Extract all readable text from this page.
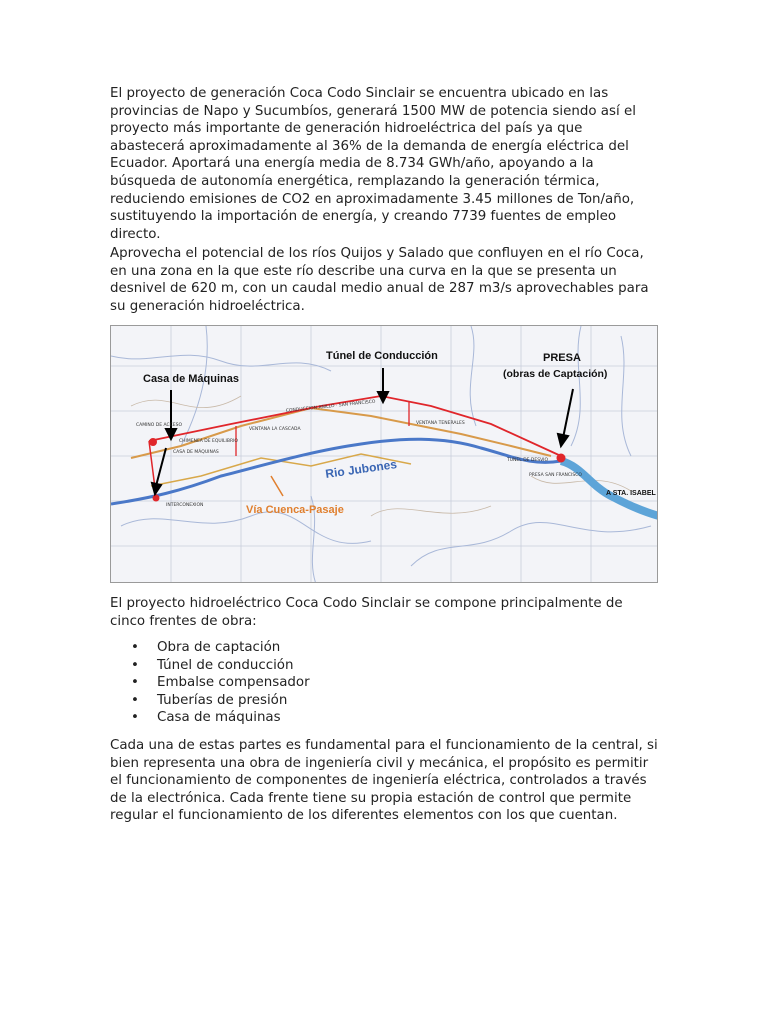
El proyecto de generación Coca Codo Sinclair se encuentra ubicado en las provincias de Napo y Sucumbíos, generará 1500 MW de potencia siendo así el proyecto más importante de generación hidroeléctrica del país ya que abastecerá aproximadamente al 36% de la demanda de energía eléctrica del Ecuador. Aportará una energía media de 8.734 GWh/año, apoyando a la búsqueda de autonomía energética, remplazando la generación térmica, reduciendo emisiones de CO2 en aproximadamente 3.45 millones de Ton/año, sustituyendo la importación de energía, y creando 7739 fuentes de empleo directo.

Aprovecha el potencial de los ríos Quijos y Salado que confluyen en el río Coca, en una zona en la que este río describe una curva en la que se presenta un desnivel de 620 m, con un caudal medio anual de 287 m3/s aprovechables para su generación hidroeléctrica.

Casa de Máquinas
Túnel de Conducción	PRESA
(obras de Captación)
Rio Jubones
Vía Cuenca-Pasaje
A STA. ISABEL
CONDUCCION ANILLO · SAN FRANCISCO
VENTANA LA CASCADA
VENTANA TENERALES
PRESA SAN FRANCISCO
TUNEL DE DESVIO
CHIMENEA DE EQUILIBRIO
CASA DE MÁQUINAS
INTERCONEXION
CAMINO DE ACCESO

El proyecto hidroeléctrico Coca Codo Sinclair se compone principalmente de cinco frentes de obra:

• Obra de captación
• Túnel de conducción
• Embalse compensador
• Tuberías de presión
• Casa de máquinas

Cada una de estas partes es fundamental para el funcionamiento de la central, si bien representa una obra de ingeniería civil y mecánica, el propósito es permitir el funcionamiento de componentes de ingeniería eléctrica, controlados a través de la electrónica. Cada frente tiene su propia estación de control que permite regular el funcionamiento de los diferentes elementos con los que cuentan.
